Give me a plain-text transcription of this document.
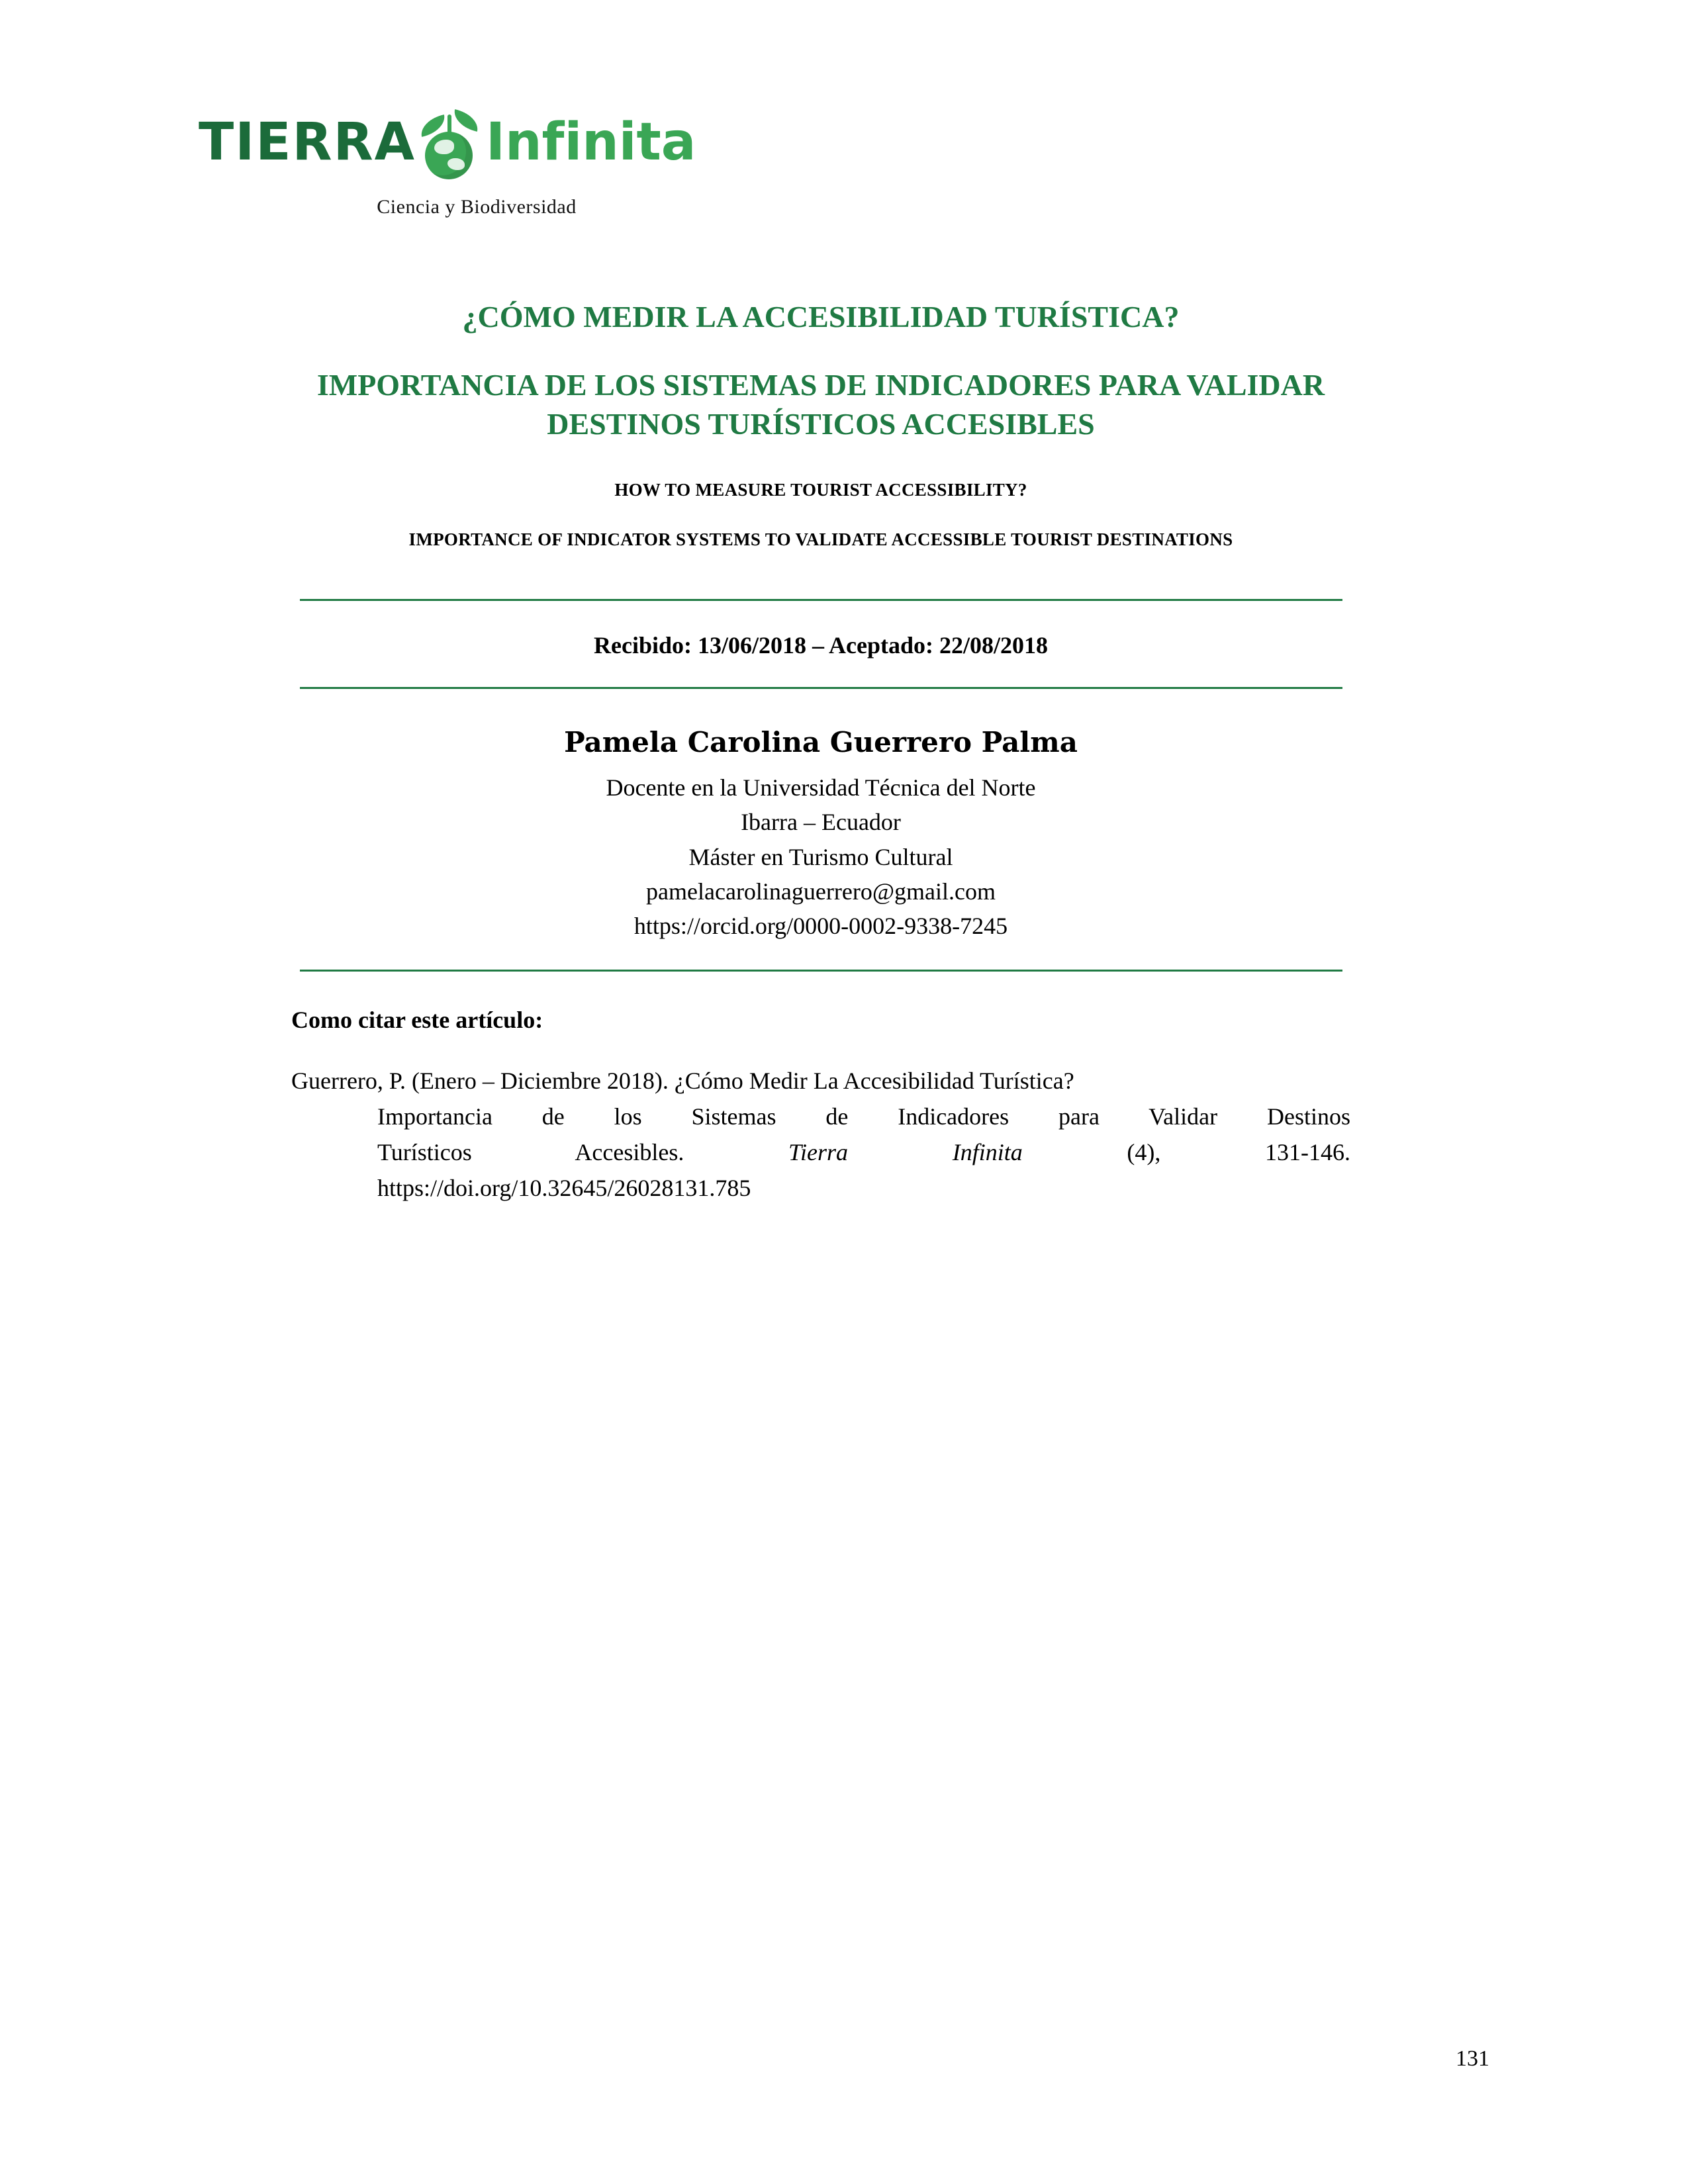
TIERRA Infinita
Ciencia y Biodiversidad
¿CÓMO MEDIR LA ACCESIBILIDAD TURÍSTICA?
IMPORTANCIA DE LOS SISTEMAS DE INDICADORES PARA VALIDAR DESTINOS TURÍSTICOS ACCESIBLES
HOW TO MEASURE TOURIST ACCESSIBILITY?
IMPORTANCE OF INDICATOR SYSTEMS TO VALIDATE ACCESSIBLE TOURIST DESTINATIONS

Recibido: 13/06/2018 – Aceptado: 22/08/2018

Pamela Carolina Guerrero Palma
Docente en la Universidad Técnica del Norte
Ibarra – Ecuador
Máster en Turismo Cultural
pamelacarolinaguerrero@gmail.com
https://orcid.org/0000-0002-9338-7245
Como citar este artículo:
Guerrero, P. (Enero – Diciembre 2018). ¿Cómo Medir La Accesibilidad Turística?
Importancia de los Sistemas de Indicadores para Validar Destinos
Turísticos Accesibles.	Tierra Infinita	(4), 131-146.
https://doi.org/10.32645/26028131.785
131
